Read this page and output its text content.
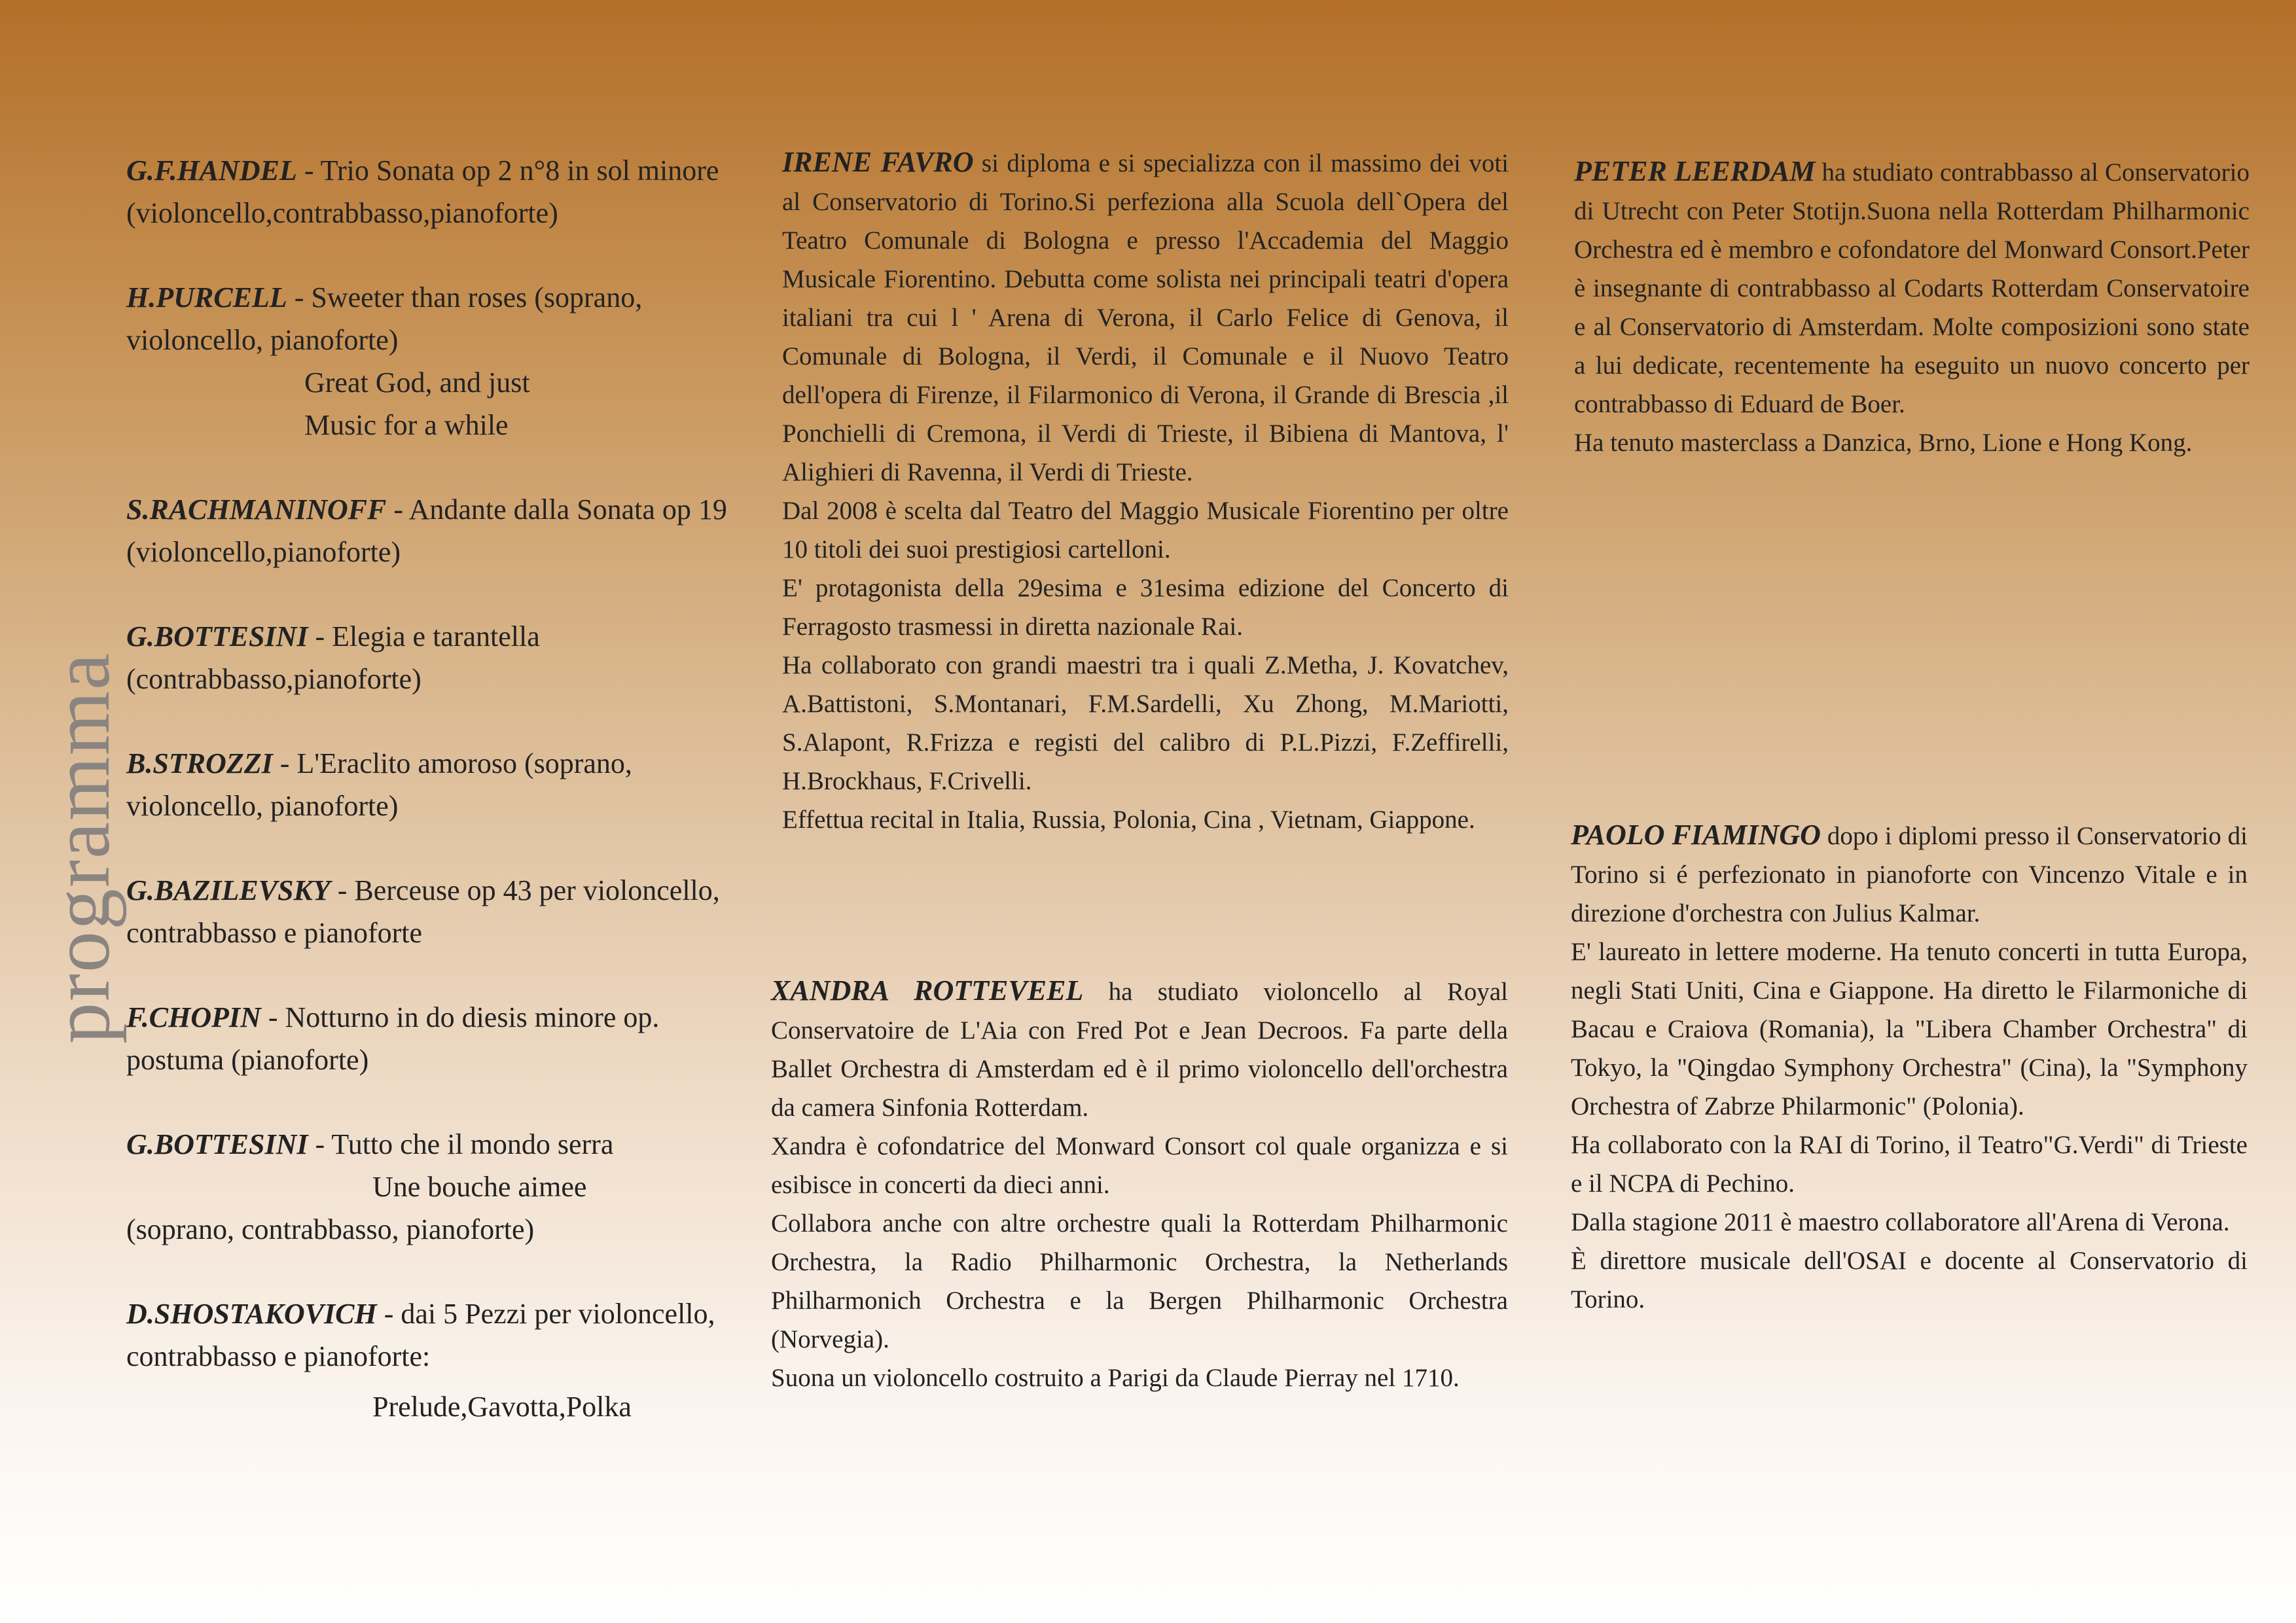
programma
G.F.HANDEL - Trio Sonata op 2 n°8 in sol minore (violoncello,contrabbasso,pianoforte)
H.PURCELL - Sweeter than roses (soprano, violoncello, pianoforte)
Great God, and just
Music for a while
S.RACHMANINOFF - Andante dalla Sonata op 19 (violoncello,pianoforte)
G.BOTTESINI - Elegia e tarantella (contrabbasso,pianoforte)
B.STROZZI - L'Eraclito amoroso (soprano, violoncello, pianoforte)
G.BAZILEVSKY - Berceuse op 43 per violoncello, contrabbasso e pianoforte
F.CHOPIN - Notturno in do diesis minore op. postuma (pianoforte)
G.BOTTESINI - Tutto che il mondo serra
Une bouche aimee
(soprano, contrabbasso, pianoforte)
D.SHOSTAKOVICH - dai 5 Pezzi per violoncello, contrabbasso e pianoforte:
Prelude,Gavotta,Polka

IRENE FAVRO si diploma e si specializza con il massimo dei voti al Conservatorio di Torino.Si perfeziona alla Scuola dell`Opera del Teatro Comunale di Bologna e presso l'Accademia del Maggio Musicale Fiorentino. Debutta come solista nei principali teatri d'opera italiani tra cui l ' Arena di Verona, il Carlo Felice di Genova, il Comunale di Bologna, il Verdi, il Comunale e il Nuovo Teatro dell'opera di Firenze, il Filarmonico di Verona, il Grande di Brescia ,il Ponchielli di Cremona, il Verdi di Trieste, il Bibiena di Mantova, l' Alighieri di Ravenna, il Verdi di Trieste.

Dal 2008 è scelta dal Teatro del Maggio Musicale Fiorentino per oltre 10 titoli dei suoi prestigiosi cartelloni.

E' protagonista della 29esima e 31esima edizione del Concerto di Ferragosto trasmessi in diretta nazionale Rai.

Ha collaborato con grandi maestri tra i quali Z.Metha, J. Kovatchev, A.Battistoni, S.Montanari, F.M.Sardelli, Xu Zhong, M.Mariotti, S.Alapont, R.Frizza e registi del calibro di P.L.Pizzi, F.Zeffirelli, H.Brockhaus, F.Crivelli.

Effettua recital in Italia, Russia, Polonia, Cina , Vietnam, Giappone.

XANDRA ROTTEVEEL ha studiato violoncello al Royal Conservatoire de L'Aia con Fred Pot e Jean Decroos. Fa parte della Ballet Orchestra di Amsterdam ed è il primo violoncello dell'orchestra da camera Sinfonia Rotterdam.

Xandra è cofondatrice del Monward Consort col quale organizza e si esibisce in concerti da dieci anni.

Collabora anche con altre orchestre quali la Rotterdam Philharmonic Orchestra, la Radio Philharmonic Orchestra, la Netherlands Philharmonich Orchestra e la Bergen Philharmonic Orchestra (Norvegia).

Suona un violoncello costruito a Parigi da Claude Pierray nel 1710.

PETER LEERDAM ha studiato contrabbasso al Conservatorio di Utrecht con Peter Stotijn.Suona nella Rotterdam Philharmonic Orchestra ed è membro e cofondatore del Monward Consort.Peter è insegnante di contrabbasso al Codarts Rotterdam Conservatoire e al Conservatorio di Amsterdam. Molte composizioni sono state a lui dedicate, recentemente ha eseguito un nuovo concerto per contrabbasso di Eduard de Boer.

Ha tenuto masterclass a Danzica, Brno, Lione e Hong Kong.

PAOLO FIAMINGO dopo i diplomi presso il Conservatorio di Torino si é perfezionato in pianoforte con Vincenzo Vitale e in direzione d'orchestra con Julius Kalmar.

E' laureato in lettere moderne. Ha tenuto concerti in tutta Europa, negli Stati Uniti, Cina e Giappone. Ha diretto le Filarmoniche di Bacau e Craiova (Romania), la "Libera Chamber Orchestra" di Tokyo, la "Qingdao Symphony Orchestra" (Cina), la "Symphony Orchestra of Zabrze Philarmonic" (Polonia).

Ha collaborato con la RAI di Torino, il Teatro"G.Verdi" di Trieste e il NCPA di Pechino.

Dalla stagione 2011 è maestro collaboratore all'Arena di Verona.

È direttore musicale dell'OSAI e docente al Conservatorio di Torino.
